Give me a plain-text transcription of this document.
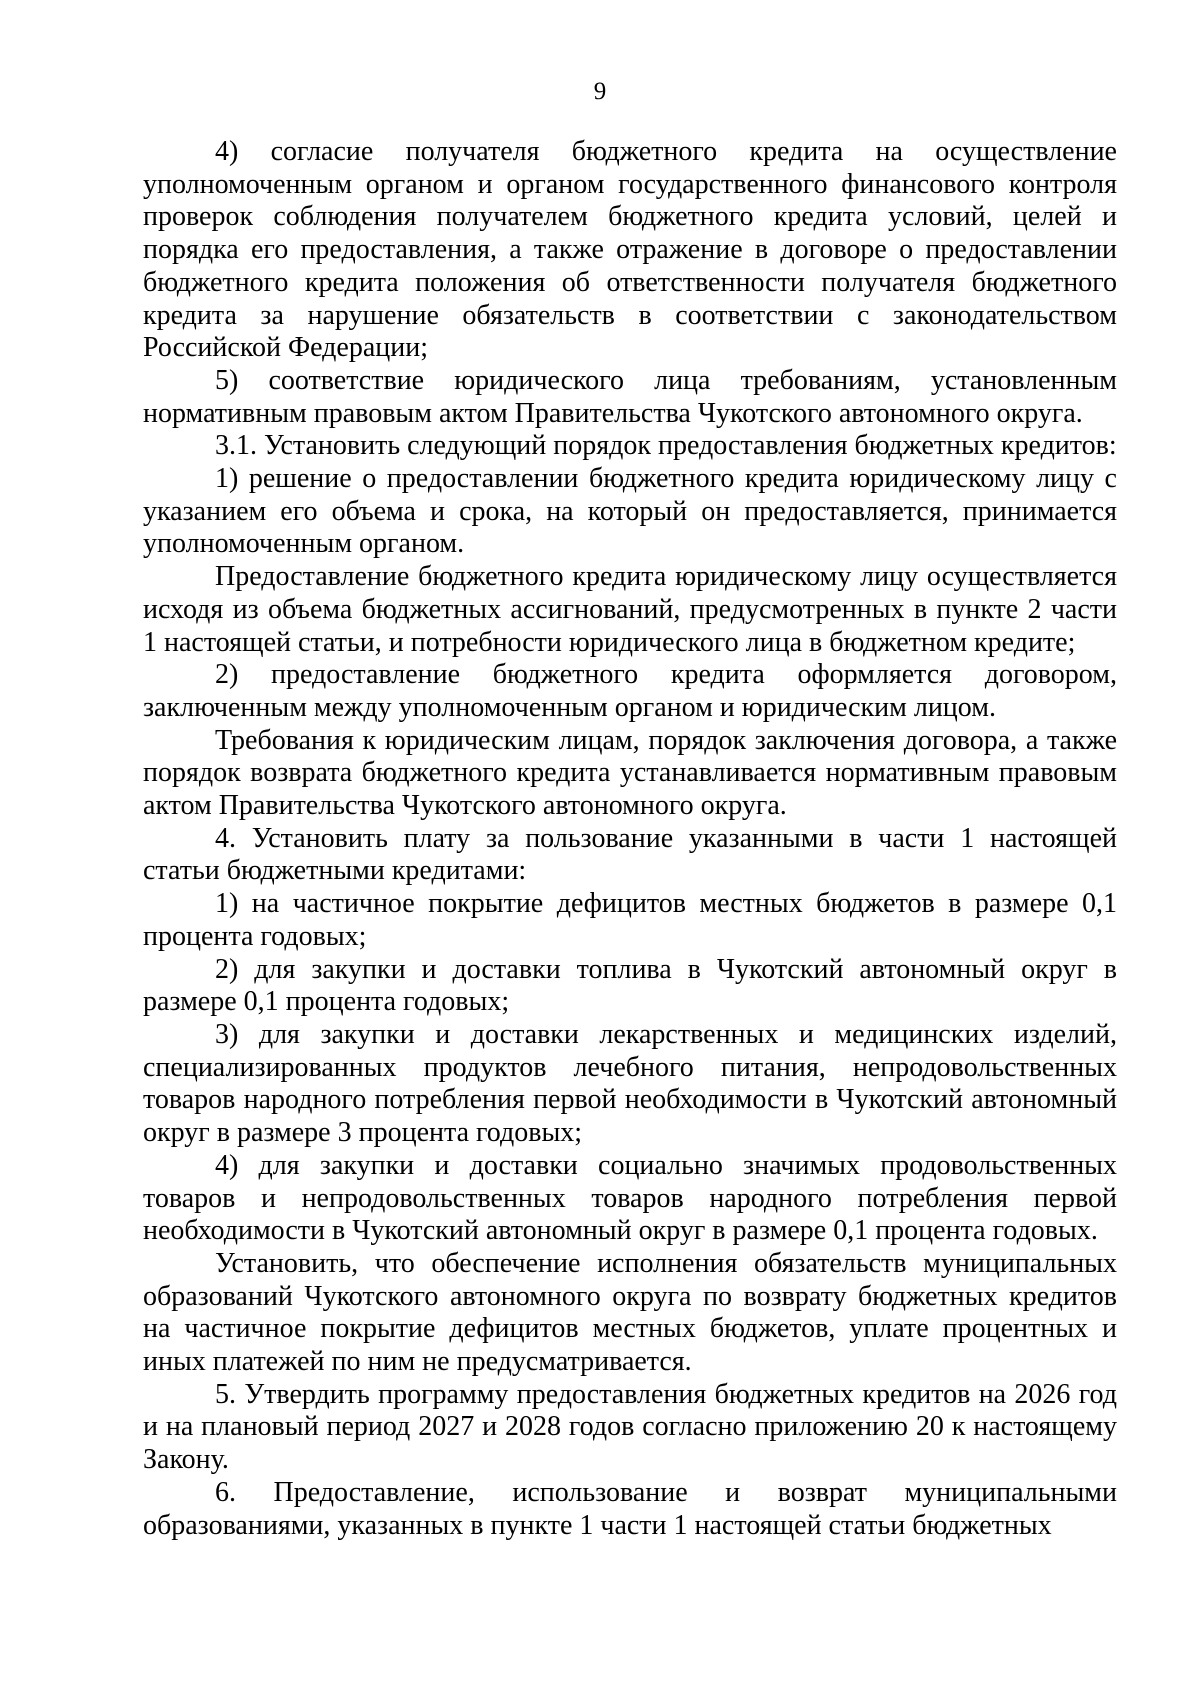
9

4) согласие получателя бюджетного кредита на осуществление уполномоченным органом и органом государственного финансового контроля проверок соблюдения получателем бюджетного кредита условий, целей и порядка его предоставления, а также отражение в договоре о предоставлении бюджетного кредита положения об ответственности получателя бюджетного кредита за нарушение обязательств в соответствии с законодательством Российской Федерации;

5) соответствие юридического лица требованиям, установленным нормативным правовым актом Правительства Чукотского автономного округа.

3.1. Установить следующий порядок предоставления бюджетных кредитов:

1) решение о предоставлении бюджетного кредита юридическому лицу с указанием его объема и срока, на который он предоставляется, принимается уполномоченным органом.

Предоставление бюджетного кредита юридическому лицу осуществляется исходя из объема бюджетных ассигнований, предусмотренных в пункте 2 части 1 настоящей статьи, и потребности юридического лица в бюджетном кредите;

2) предоставление бюджетного кредита оформляется договором, заключенным между уполномоченным органом и юридическим лицом.

Требования к юридическим лицам, порядок заключения договора, а также порядок возврата бюджетного кредита устанавливается нормативным правовым актом Правительства Чукотского автономного округа.

4. Установить плату за пользование указанными в части 1 настоящей статьи бюджетными кредитами:

1) на частичное покрытие дефицитов местных бюджетов в размере 0,1 процента годовых;

2) для закупки и доставки топлива в Чукотский автономный округ в размере 0,1 процента годовых;

3) для закупки и доставки лекарственных и медицинских изделий, специализированных продуктов лечебного питания, непродовольственных товаров народного потребления первой необходимости в Чукотский автономный округ в размере 3 процента годовых;

4) для закупки и доставки социально значимых продовольственных товаров и непродовольственных товаров народного потребления первой необходимости в Чукотский автономный округ в размере 0,1 процента годовых.

Установить, что обеспечение исполнения обязательств муниципальных образований Чукотского автономного округа по возврату бюджетных кредитов на частичное покрытие дефицитов местных бюджетов, уплате процентных и иных платежей по ним не предусматривается.

5. Утвердить программу предоставления бюджетных кредитов на 2026 год и на плановый период 2027 и 2028 годов согласно приложению 20 к настоящему Закону.

6. Предоставление, использование и возврат муниципальными образованиями, указанных в пункте 1 части 1 настоящей статьи бюджетных
